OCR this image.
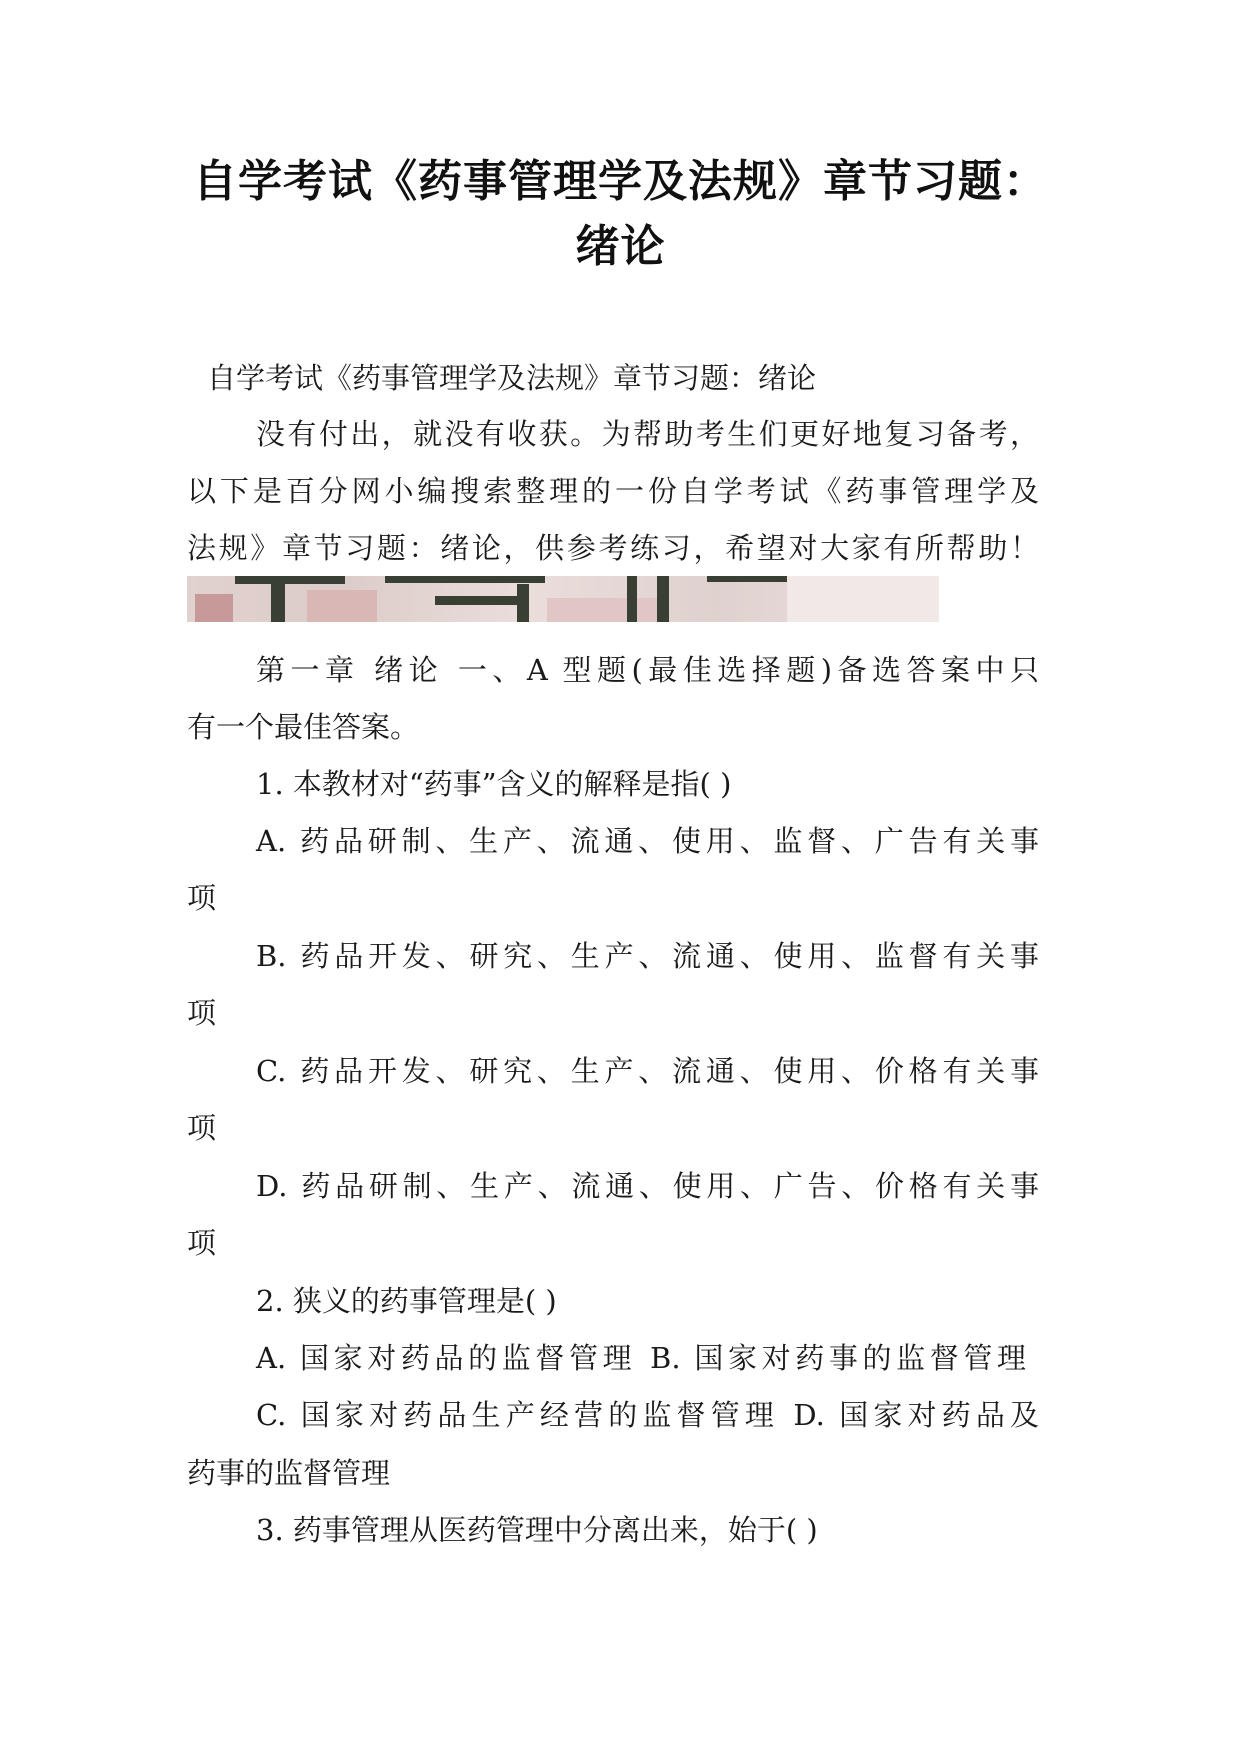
自学考试《药事管理学及法规》章节习题：
绪论
自学考试《药事管理学及法规》章节习题：绪论
没有付出，就没有收获。为帮助考生们更好地复习备考，
以下是百分网小编搜索整理的一份自学考试《药事管理学及
法规》章节习题：绪论，供参考练习，希望对大家有所帮助！
第一章 绪论 一、A 型题(最佳选择题)备选答案中只
有一个最佳答案。
1. 本教材对“药事”含义的解释是指( )
A. 药品研制、生产、流通、使用、监督、广告有关事
项
B. 药品开发、研究、生产、流通、使用、监督有关事
项
C. 药品开发、研究、生产、流通、使用、价格有关事
项
D. 药品研制、生产、流通、使用、广告、价格有关事
项
2. 狭义的药事管理是( )
A. 国家对药品的监督管理 B. 国家对药事的监督管理
C. 国家对药品生产经营的监督管理 D. 国家对药品及
药事的监督管理
3. 药事管理从医药管理中分离出来，始于( )
